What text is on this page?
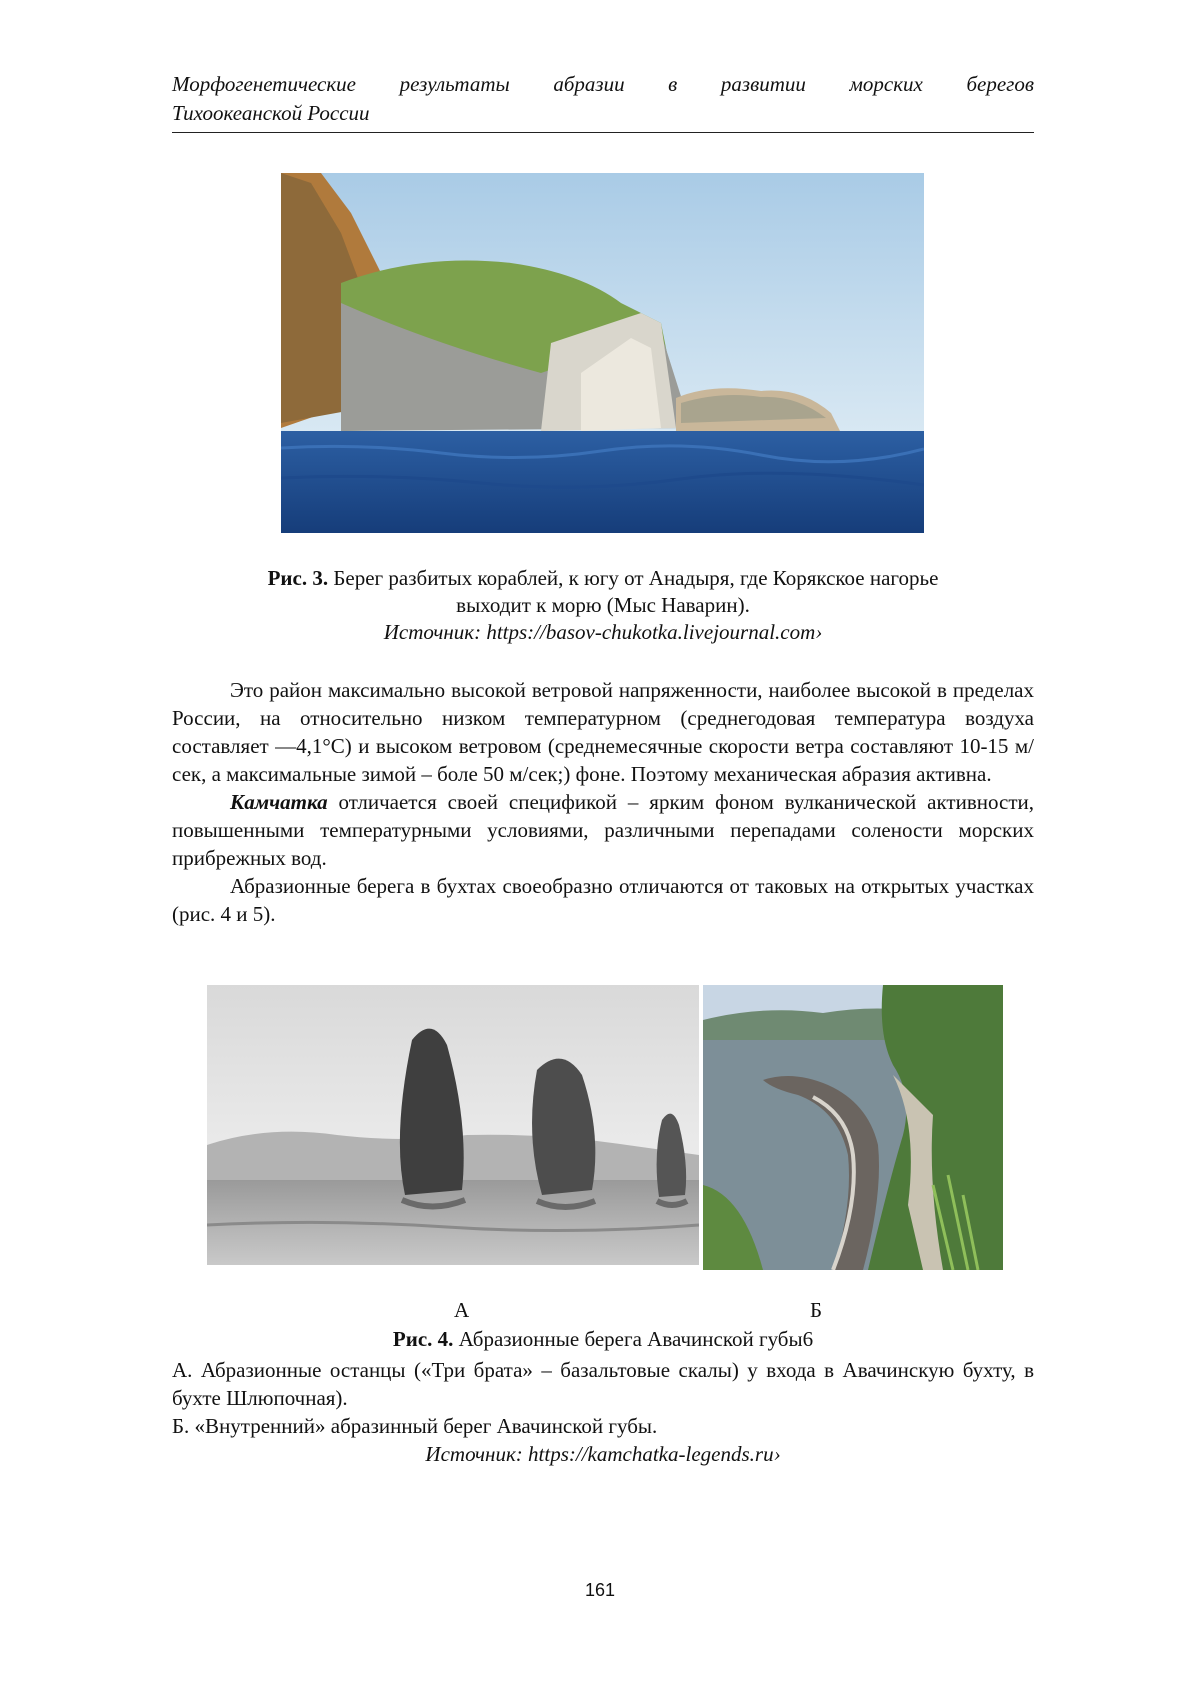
Морфогенетические результаты абразии в развитии морских берегов
Тихоокеанской России
Рис. 3. Берег разбитых кораблей, к югу от Анадыря, где Корякское нагорье
выходит к морю (Мыс Наварин).
Источник: https://basov-chukotka.livejournal.com›

Это район максимально высокой ветровой напряженности, наиболее высокой в пределах России, на относительно низком температурном (среднегодовая температура воздуха составляет —4,1°С) и высоком ветровом (среднемесячные скорости ветра составляют 10-15 м/сек, а максимальные зимой – боле 50 м/сек;) фоне. Поэтому механическая абразия активна.

Камчатка отличается своей спецификой – ярким фоном вулканической активности, повышенными температурными условиями, различными перепадами солености морских прибрежных вод.

Абразионные берега в бухтах своеобразно отличаются от таковых на открытых участках (рис. 4 и 5).

А	Б
Рис. 4. Абразионные берега Авачинской губы6

А. Абразионные останцы («Три брата» – базальтовые скалы) у входа в Авачинскую бухту, в бухте Шлюпочная).

Б. «Внутренний» абразинный берег Авачинской губы.

Источник: https://kamchatka-legends.ru›

161
